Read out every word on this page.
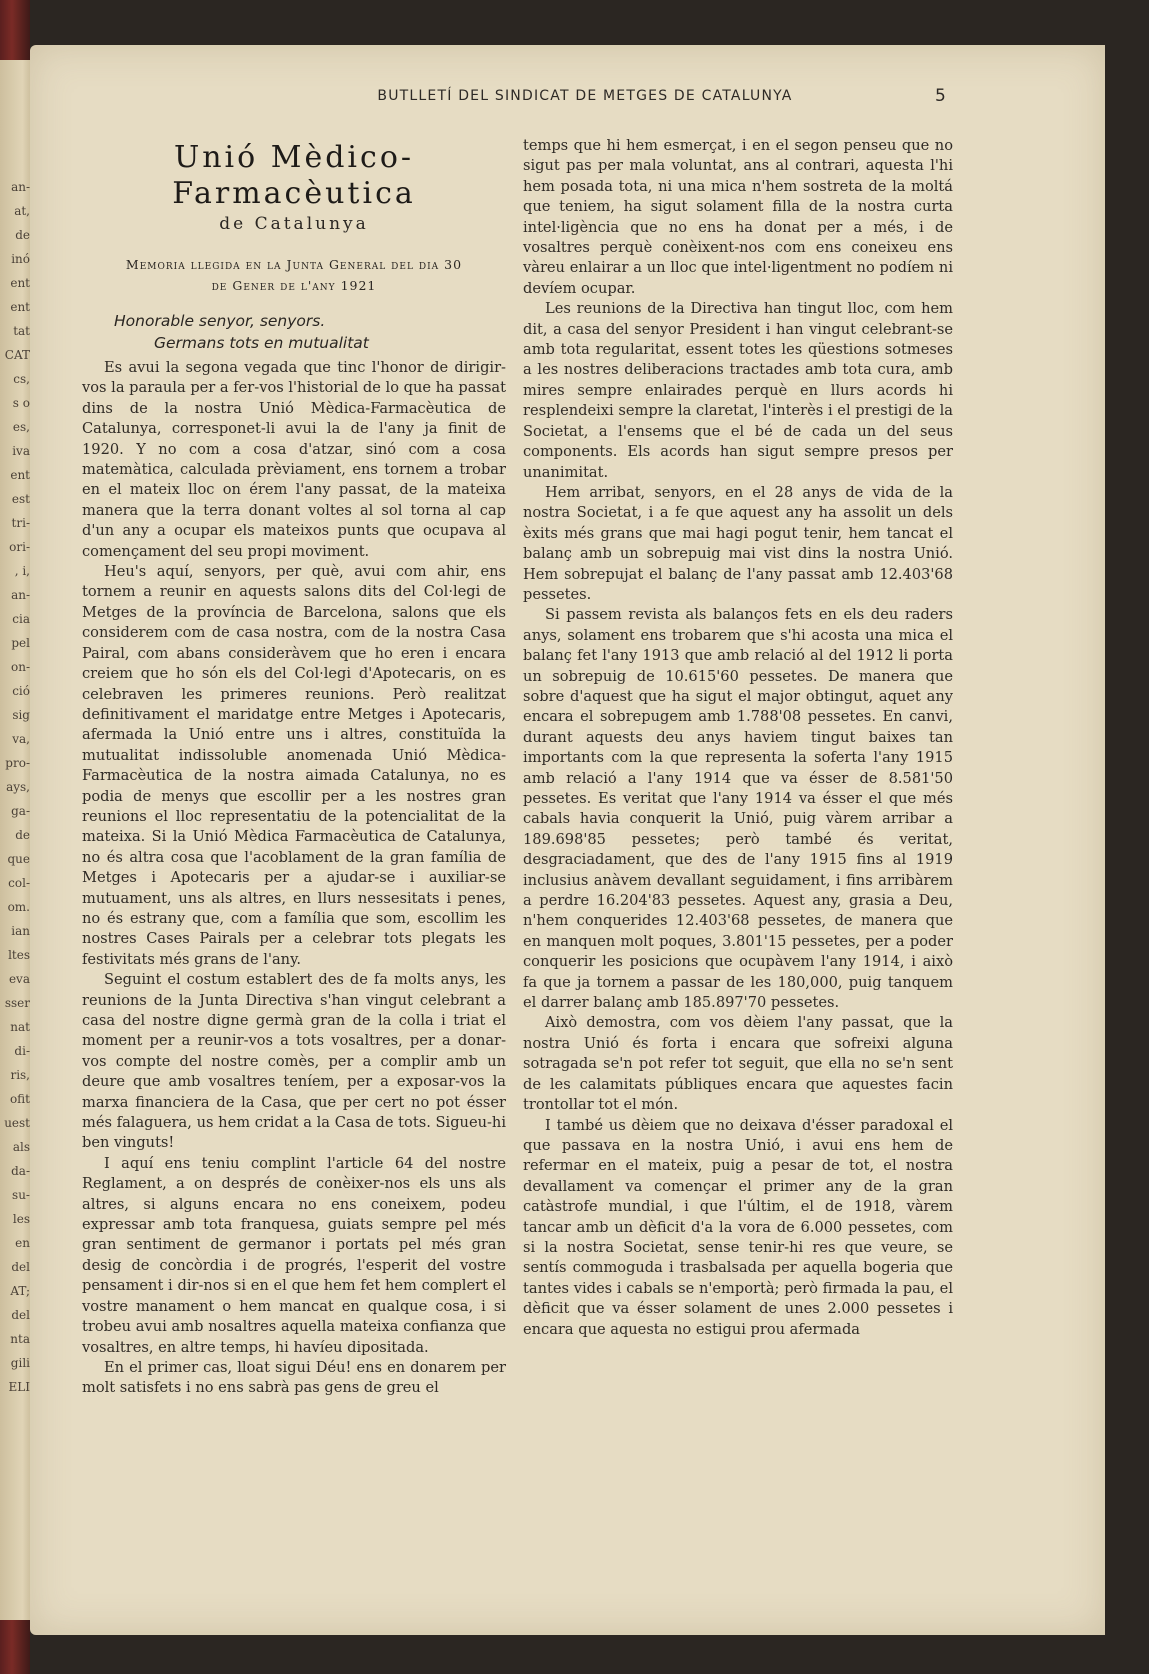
an-
at,
de
inó
ent
ent
tat
CAT
cs,
s o
es,
iva
ent
est
tri-
ori-
, i,
an-
cia
pel
on-
ció
sig
va,
pro-
ays,
ga-
de
que
col-
om.
ian
ltes
eva
sser
nat
di-
ris,
ofit
uest
als
da-
su-
les
en
del
AT;
del
nta
gili
ELI
BUTLLETÍ DEL SINDICAT DE METGES DE CATALUNYA	5
Unió Mèdico-Farmacèutica
de Catalunya
Memoria llegida en la Junta General del dia 30 de Gener de l'any 1921
Honorable senyor, senyors.
Germans tots en mutualitat

Es avui la segona vegada que tinc l'honor de dirigir-vos la paraula per a fer-vos l'historial de lo que ha passat dins de la nostra Unió Mèdica-Farmacèutica de Catalunya, corresponet-li avui la de l'any ja finit de 1920. Y no com a cosa d'atzar, sinó com a cosa matemàtica, calculada prèviament, ens tornem a trobar en el mateix lloc on érem l'any passat, de la mateixa manera que la terra donant voltes al sol torna al cap d'un any a ocupar els mateixos punts que ocupava al començament del seu propi moviment.

Heu's aquí, senyors, per què, avui com ahir, ens tornem a reunir en aquests salons dits del Col·legi de Metges de la província de Barcelona, salons que els considerem com de casa nostra, com de la nostra Casa Pairal, com abans consideràvem que ho eren i encara creiem que ho són els del Col·legi d'Apotecaris, on es celebraven les primeres reunions. Però realitzat definitivament el maridatge entre Metges i Apotecaris, afermada la Unió entre uns i altres, constituïda la mutualitat indissoluble anomenada Unió Mèdica-Farmacèutica de la nostra aimada Catalunya, no es podia de menys que escollir per a les nostres gran reunions el lloc representatiu de la potencialitat de la mateixa. Si la Unió Mèdica Farmacèutica de Catalunya, no és altra cosa que l'acoblament de la gran família de Metges i Apotecaris per a ajudar-se i auxiliar-se mutuament, uns als altres, en llurs nessesitats i penes, no és estrany que, com a família que som, escollim les nostres Cases Pairals per a celebrar tots plegats les festivitats més grans de l'any.

Seguint el costum establert des de fa molts anys, les reunions de la Junta Directiva s'han vingut celebrant a casa del nostre digne germà gran de la colla i triat el moment per a reunir-vos a tots vosaltres, per a donar-vos compte del nostre comès, per a complir amb un deure que amb vosaltres teníem, per a exposar-vos la marxa financiera de la Casa, que per cert no pot ésser més falaguera, us hem cridat a la Casa de tots. Sigueu-hi ben vinguts!

I aquí ens teniu complint l'article 64 del nostre Reglament, a on després de conèixer-nos els uns als altres, si alguns encara no ens coneixem, podeu expressar amb tota franquesa, guiats sempre pel més gran sentiment de germanor i portats pel més gran desig de concòrdia i de progrés, l'esperit del vostre pensament i dir-nos si en el que hem fet hem complert el vostre manament o hem mancat en qualque cosa, i si trobeu avui amb nosaltres aquella mateixa confianza que vosaltres, en altre temps, hi havíeu dipositada.

En el primer cas, lloat sigui Déu! ens en donarem per molt satisfets i no ens sabrà pas gens de greu el

temps que hi hem esmerçat, i en el segon penseu que no sigut pas per mala voluntat, ans al contrari, aquesta l'hi hem posada tota, ni una mica n'hem sostreta de la moltá que teniem, ha sigut solament filla de la nostra curta intel·ligència que no ens ha donat per a més, i de vosaltres perquè conèixent-nos com ens coneixeu ens vàreu enlairar a un lloc que intel·ligentment no podíem ni devíem ocupar.

Les reunions de la Directiva han tingut lloc, com hem dit, a casa del senyor President i han vingut celebrant-se amb tota regularitat, essent totes les qüestions sotmeses a les nostres deliberacions tractades amb tota cura, amb mires sempre enlairades perquè en llurs acords hi resplendeixi sempre la claretat, l'interès i el prestigi de la Societat, a l'ensems que el bé de cada un del seus components. Els acords han sigut sempre presos per unanimitat.

Hem arribat, senyors, en el 28 anys de vida de la nostra Societat, i a fe que aquest any ha assolit un dels èxits més grans que mai hagi pogut tenir, hem tancat el balanç amb un sobrepuig mai vist dins la nostra Unió. Hem sobrepujat el balanç de l'any passat amb 12.403'68 pessetes.

Si passem revista als balanços fets en els deu raders anys, solament ens trobarem que s'hi acosta una mica el balanç fet l'any 1913 que amb relació al del 1912 li porta un sobrepuig de 10.615'60 pessetes. De manera que sobre d'aquest que ha sigut el major obtingut, aquet any encara el sobrepugem amb 1.788'08 pessetes. En canvi, durant aquests deu anys haviem tingut baixes tan importants com la que representa la soferta l'any 1915 amb relació a l'any 1914 que va ésser de 8.581'50 pessetes. Es veritat que l'any 1914 va ésser el que més cabals havia conquerit la Unió, puig vàrem arribar a 189.698'85 pessetes; però també és veritat, desgraciadament, que des de l'any 1915 fins al 1919 inclusius anàvem devallant seguidament, i fins arribàrem a perdre 16.204'83 pessetes. Aquest any, grasia a Deu, n'hem conquerides 12.403'68 pessetes, de manera que en manquen molt poques, 3.801'15 pessetes, per a poder conquerir les posicions que ocupàvem l'any 1914, i això fa que ja tornem a passar de les 180,000, puig tanquem el darrer balanç amb 185.897'70 pessetes.

Això demostra, com vos dèiem l'any passat, que la nostra Unió és forta i encara que sofreixi alguna sotragada se'n pot refer tot seguit, que ella no se'n sent de les calamitats públiques encara que aquestes facin trontollar tot el món.

I també us dèiem que no deixava d'ésser paradoxal el que passava en la nostra Unió, i avui ens hem de refermar en el mateix, puig a pesar de tot, el nostra devallament va començar el primer any de la gran catàstrofe mundial, i que l'últim, el de 1918, vàrem tancar amb un dèficit d'a la vora de 6.000 pessetes, com si la nostra Societat, sense tenir-hi res que veure, se sentís commoguda i trasbalsada per aquella bogeria que tantes vides i cabals se n'emportà; però firmada la pau, el dèficit que va ésser solament de unes 2.000 pessetes i encara que aquesta no estigui prou afermada
